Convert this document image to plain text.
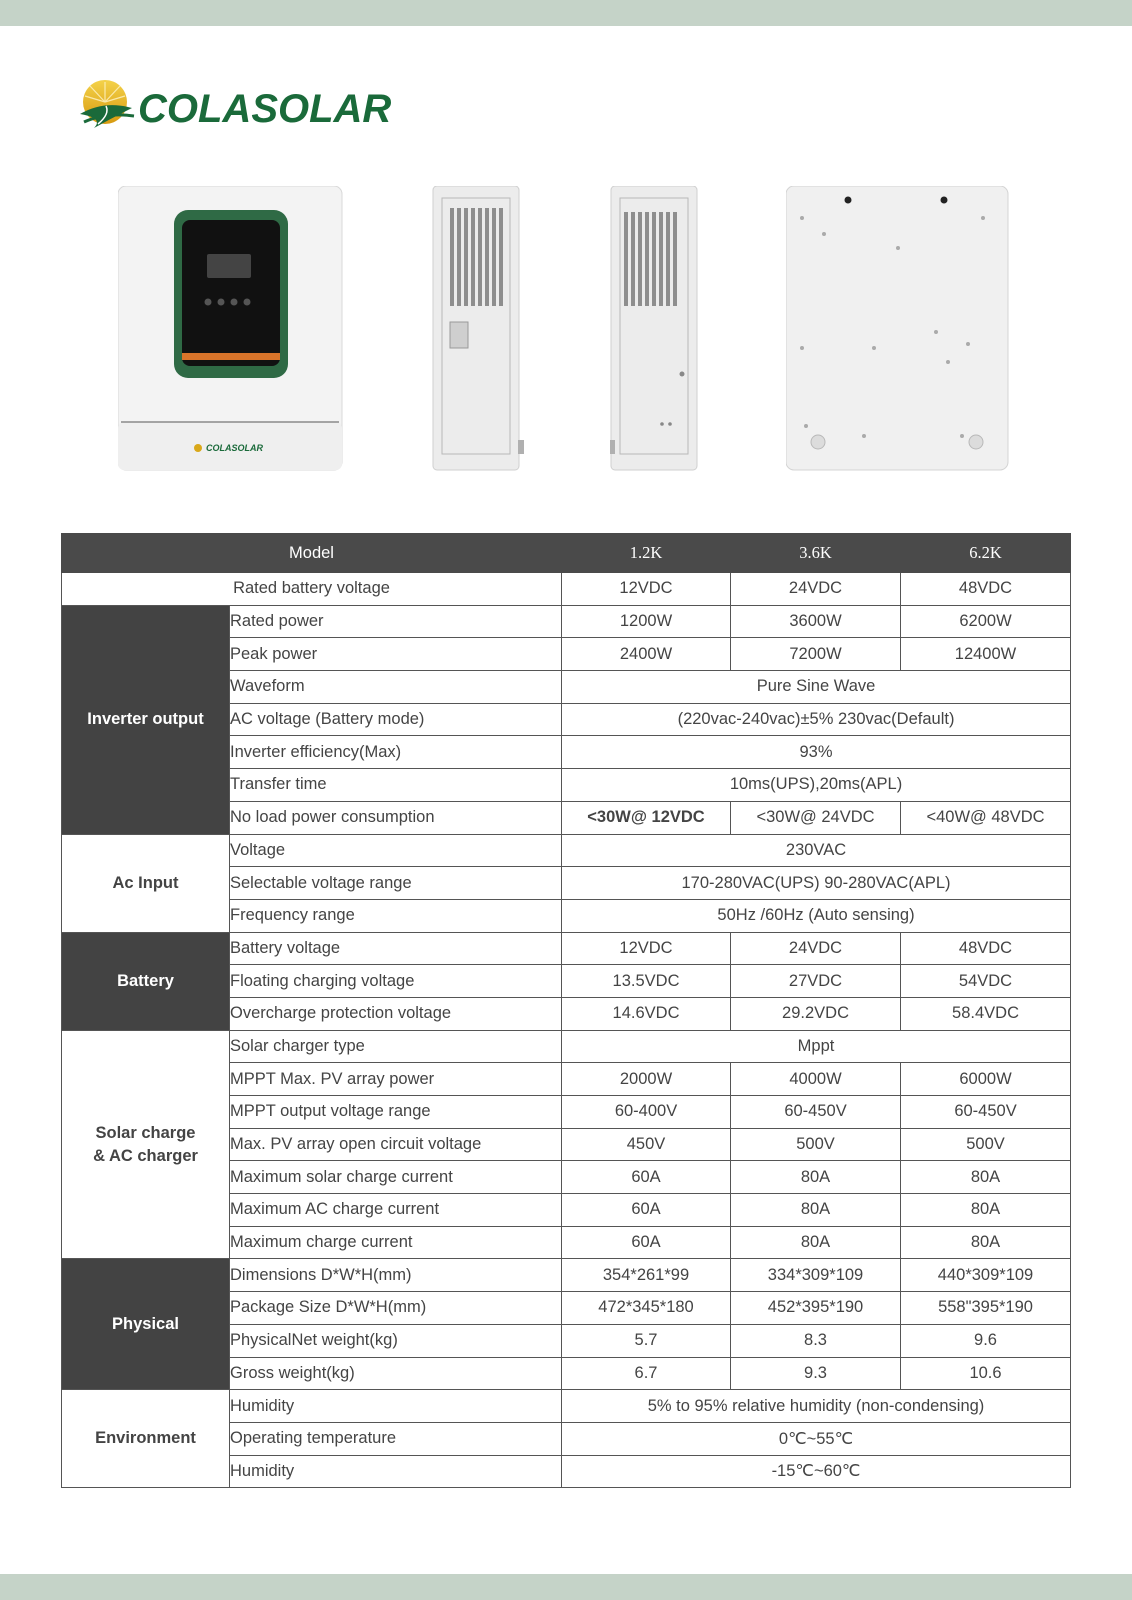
COLASOLAR
COLASOLAR
Model		1.2K	3.6K	6.2K
Rated battery voltage		12VDC	24VDC	48VDC
Inverter output	Rated power	1200W	3600W	6200W
	Peak power	2400W	7200W	12400W
	Waveform	Pure Sine Wave		
	AC voltage (Battery mode)	(220vac-240vac)±5% 230vac(Default)		
	Inverter efficiency(Max)	93%		
	Transfer time	10ms(UPS),20ms(APL)		
	No load power consumption	<30W@ 12VDC	<30W@ 24VDC	<40W@ 48VDC
Ac Input	Voltage	230VAC		
	Selectable voltage range	170-280VAC(UPS) 90-280VAC(APL)		
	Frequency range	50Hz /60Hz (Auto sensing)		
Battery	Battery voltage	12VDC	24VDC	48VDC
	Floating charging voltage	13.5VDC	27VDC	54VDC
	Overcharge protection voltage	14.6VDC	29.2VDC	58.4VDC

Solar charge
& AC charger	Solar charger type	Mppt		
	MPPT Max. PV array power	2000W	4000W	6000W
	MPPT output voltage range	60-400V	60-450V	60-450V
	Max. PV array open circuit voltage	450V	500V	500V
	Maximum solar charge current	60A	80A	80A
	Maximum AC charge current	60A	80A	80A
	Maximum charge current	60A	80A	80A
Physical	Dimensions D*W*H(mm)	354*261*99	334*309*109	440*309*109
	Package Size D*W*H(mm)	472*345*180	452*395*190	558"395*190
	PhysicalNet weight(kg)	5.7	8.3	9.6
	Gross weight(kg)	6.7	9.3	10.6
Environment	Humidity	5% to 95% relative humidity (non-condensing)		
	Operating temperature	0℃~55℃		
	Humidity	-15℃~60℃		
